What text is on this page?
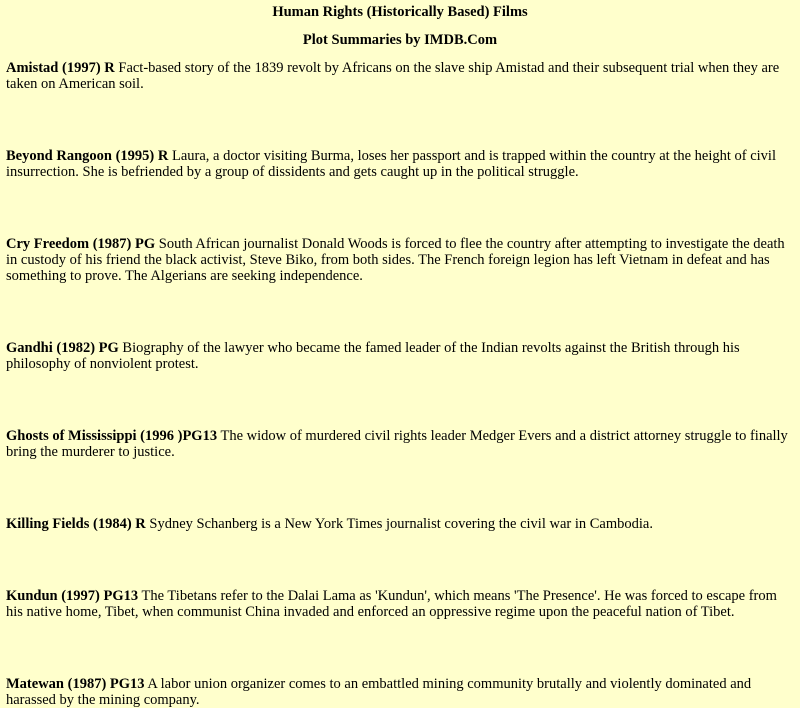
Human Rights (Historically Based) Films
Plot Summaries by IMDB.Com

Amistad (1997) R Fact-based story of the 1839 revolt by Africans on the slave ship Amistad and their subsequent trial when they are taken on American soil.

Beyond Rangoon (1995) R Laura, a doctor visiting Burma, loses her passport and is trapped within the country at the height of civil insurrection. She is befriended by a group of dissidents and gets caught up in the political struggle.

Cry Freedom (1987) PG South African journalist Donald Woods is forced to flee the country after attempting to investigate the death in custody of his friend the black activist, Steve Biko, from both sides. The French foreign legion has left Vietnam in defeat and has something to prove. The Algerians are seeking independence.

Gandhi (1982) PG Biography of the lawyer who became the famed leader of the Indian revolts against the British through his philosophy of nonviolent protest.

Ghosts of Mississippi (1996 )PG13 The widow of murdered civil rights leader Medger Evers and a district attorney struggle to finally bring the murderer to justice.

Killing Fields (1984) R Sydney Schanberg is a New York Times journalist covering the civil war in Cambodia.

Kundun (1997) PG13 The Tibetans refer to the Dalai Lama as 'Kundun', which means 'The Presence'. He was forced to escape from his native home, Tibet, when communist China invaded and enforced an oppressive regime upon the peaceful nation of Tibet.

Matewan (1987) PG13 A labor union organizer comes to an embattled mining community brutally and violently dominated and harassed by the mining company.
